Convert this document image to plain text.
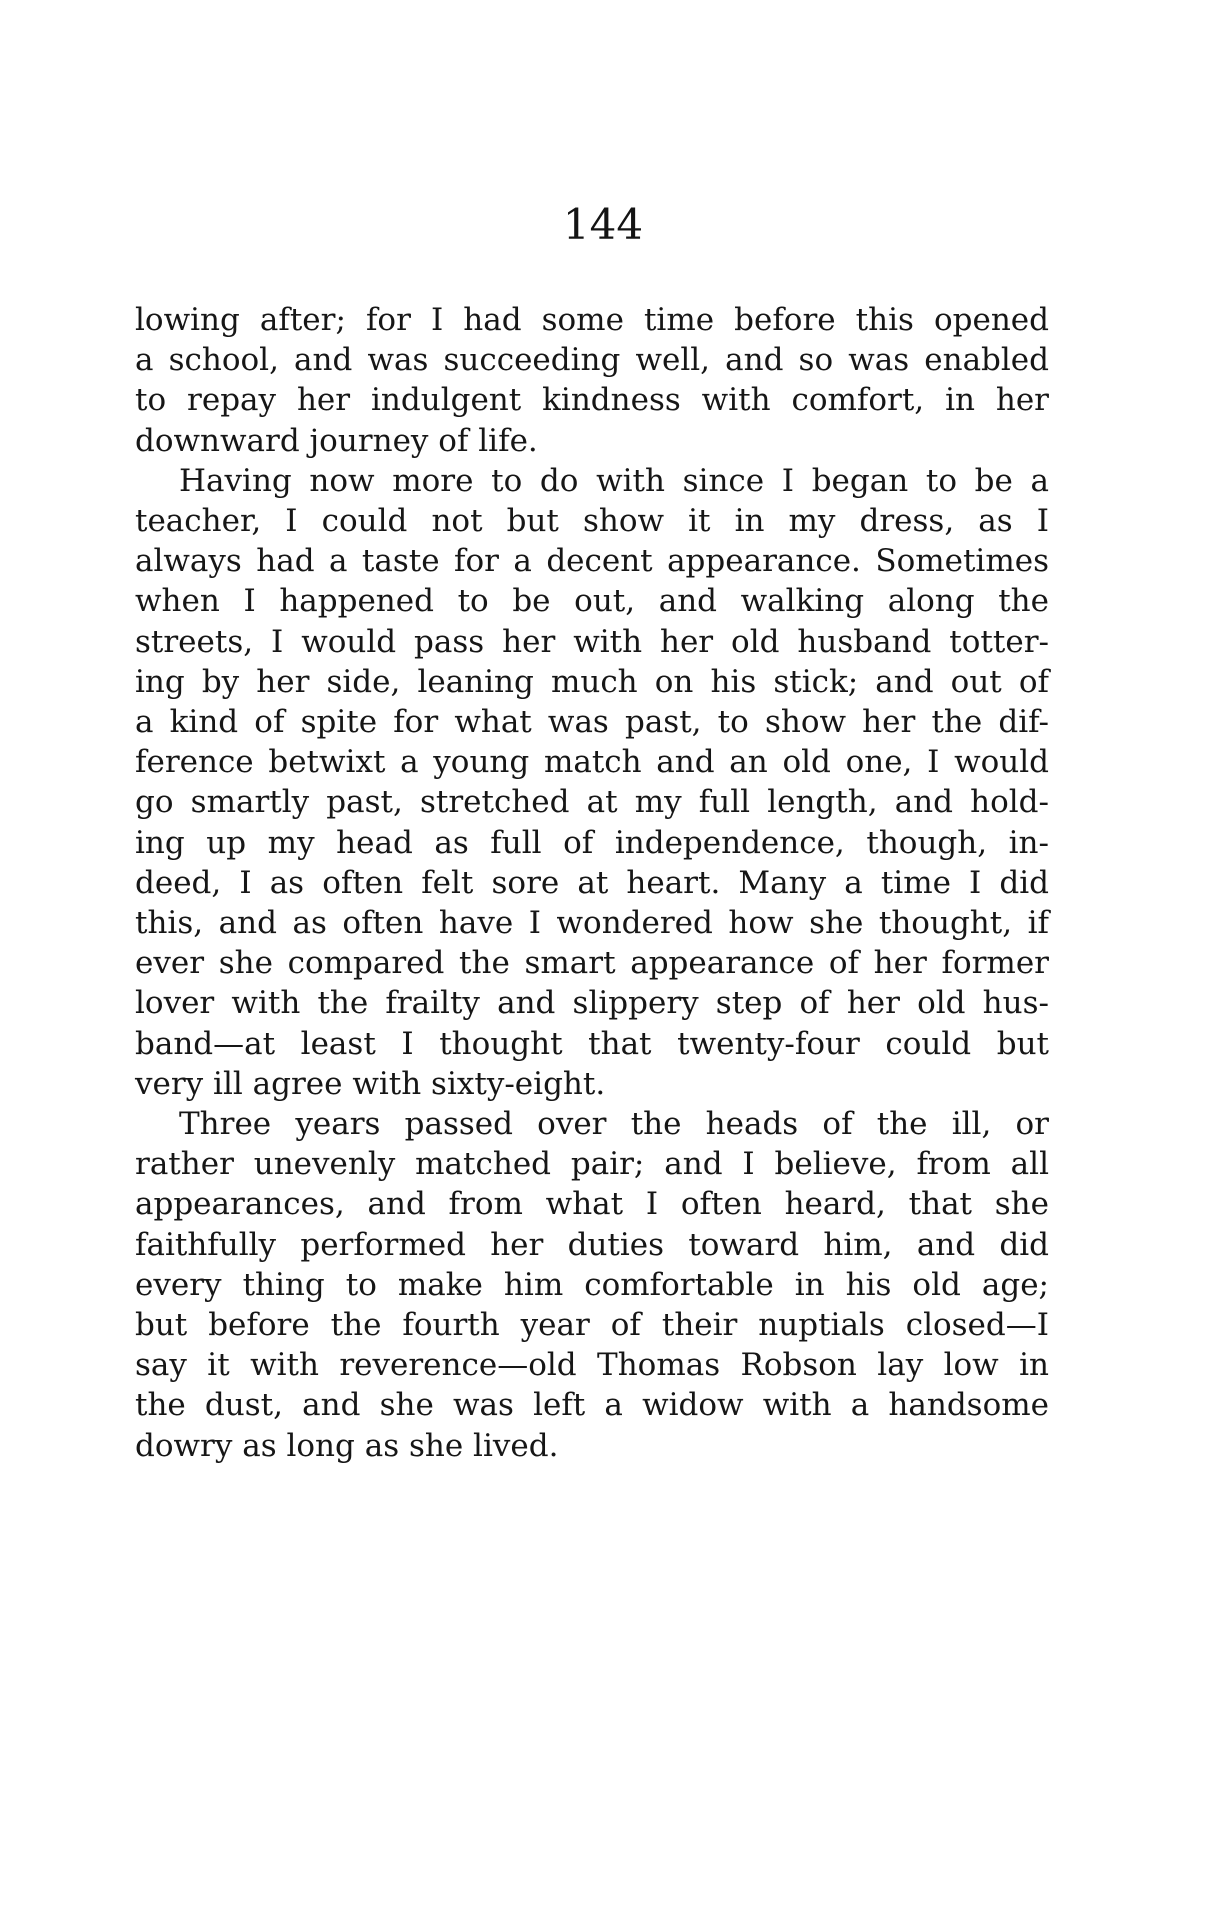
144
lowing after; for I had some time before this opened
a school, and was succeeding well, and so was enabled
to repay her indulgent kindness with comfort, in her
downward journey of life.
Having now more to do with since I began to be a
teacher, I could not but show it in my dress, as I
always had a taste for a decent appearance. Sometimes
when I happened to be out, and walking along the
streets, I would pass her with her old husband totter-
ing by her side, leaning much on his stick; and out of
a kind of spite for what was past, to show her the dif-
ference betwixt a young match and an old one, I would
go smartly past, stretched at my full length, and hold-
ing up my head as full of independence, though, in-
deed, I as often felt sore at heart. Many a time I did
this, and as often have I wondered how she thought, if
ever she compared the smart appearance of her former
lover with the frailty and slippery step of her old hus-
band—at least I thought that twenty-four could but
very ill agree with sixty-eight.
Three years passed over the heads of the ill, or
rather unevenly matched pair; and I believe, from all
appearances, and from what I often heard, that she
faithfully performed her duties toward him, and did
every thing to make him comfortable in his old age;
but before the fourth year of their nuptials closed—I
say it with reverence—old Thomas Robson lay low in
the dust, and she was left a widow with a handsome
dowry as long as she lived.
